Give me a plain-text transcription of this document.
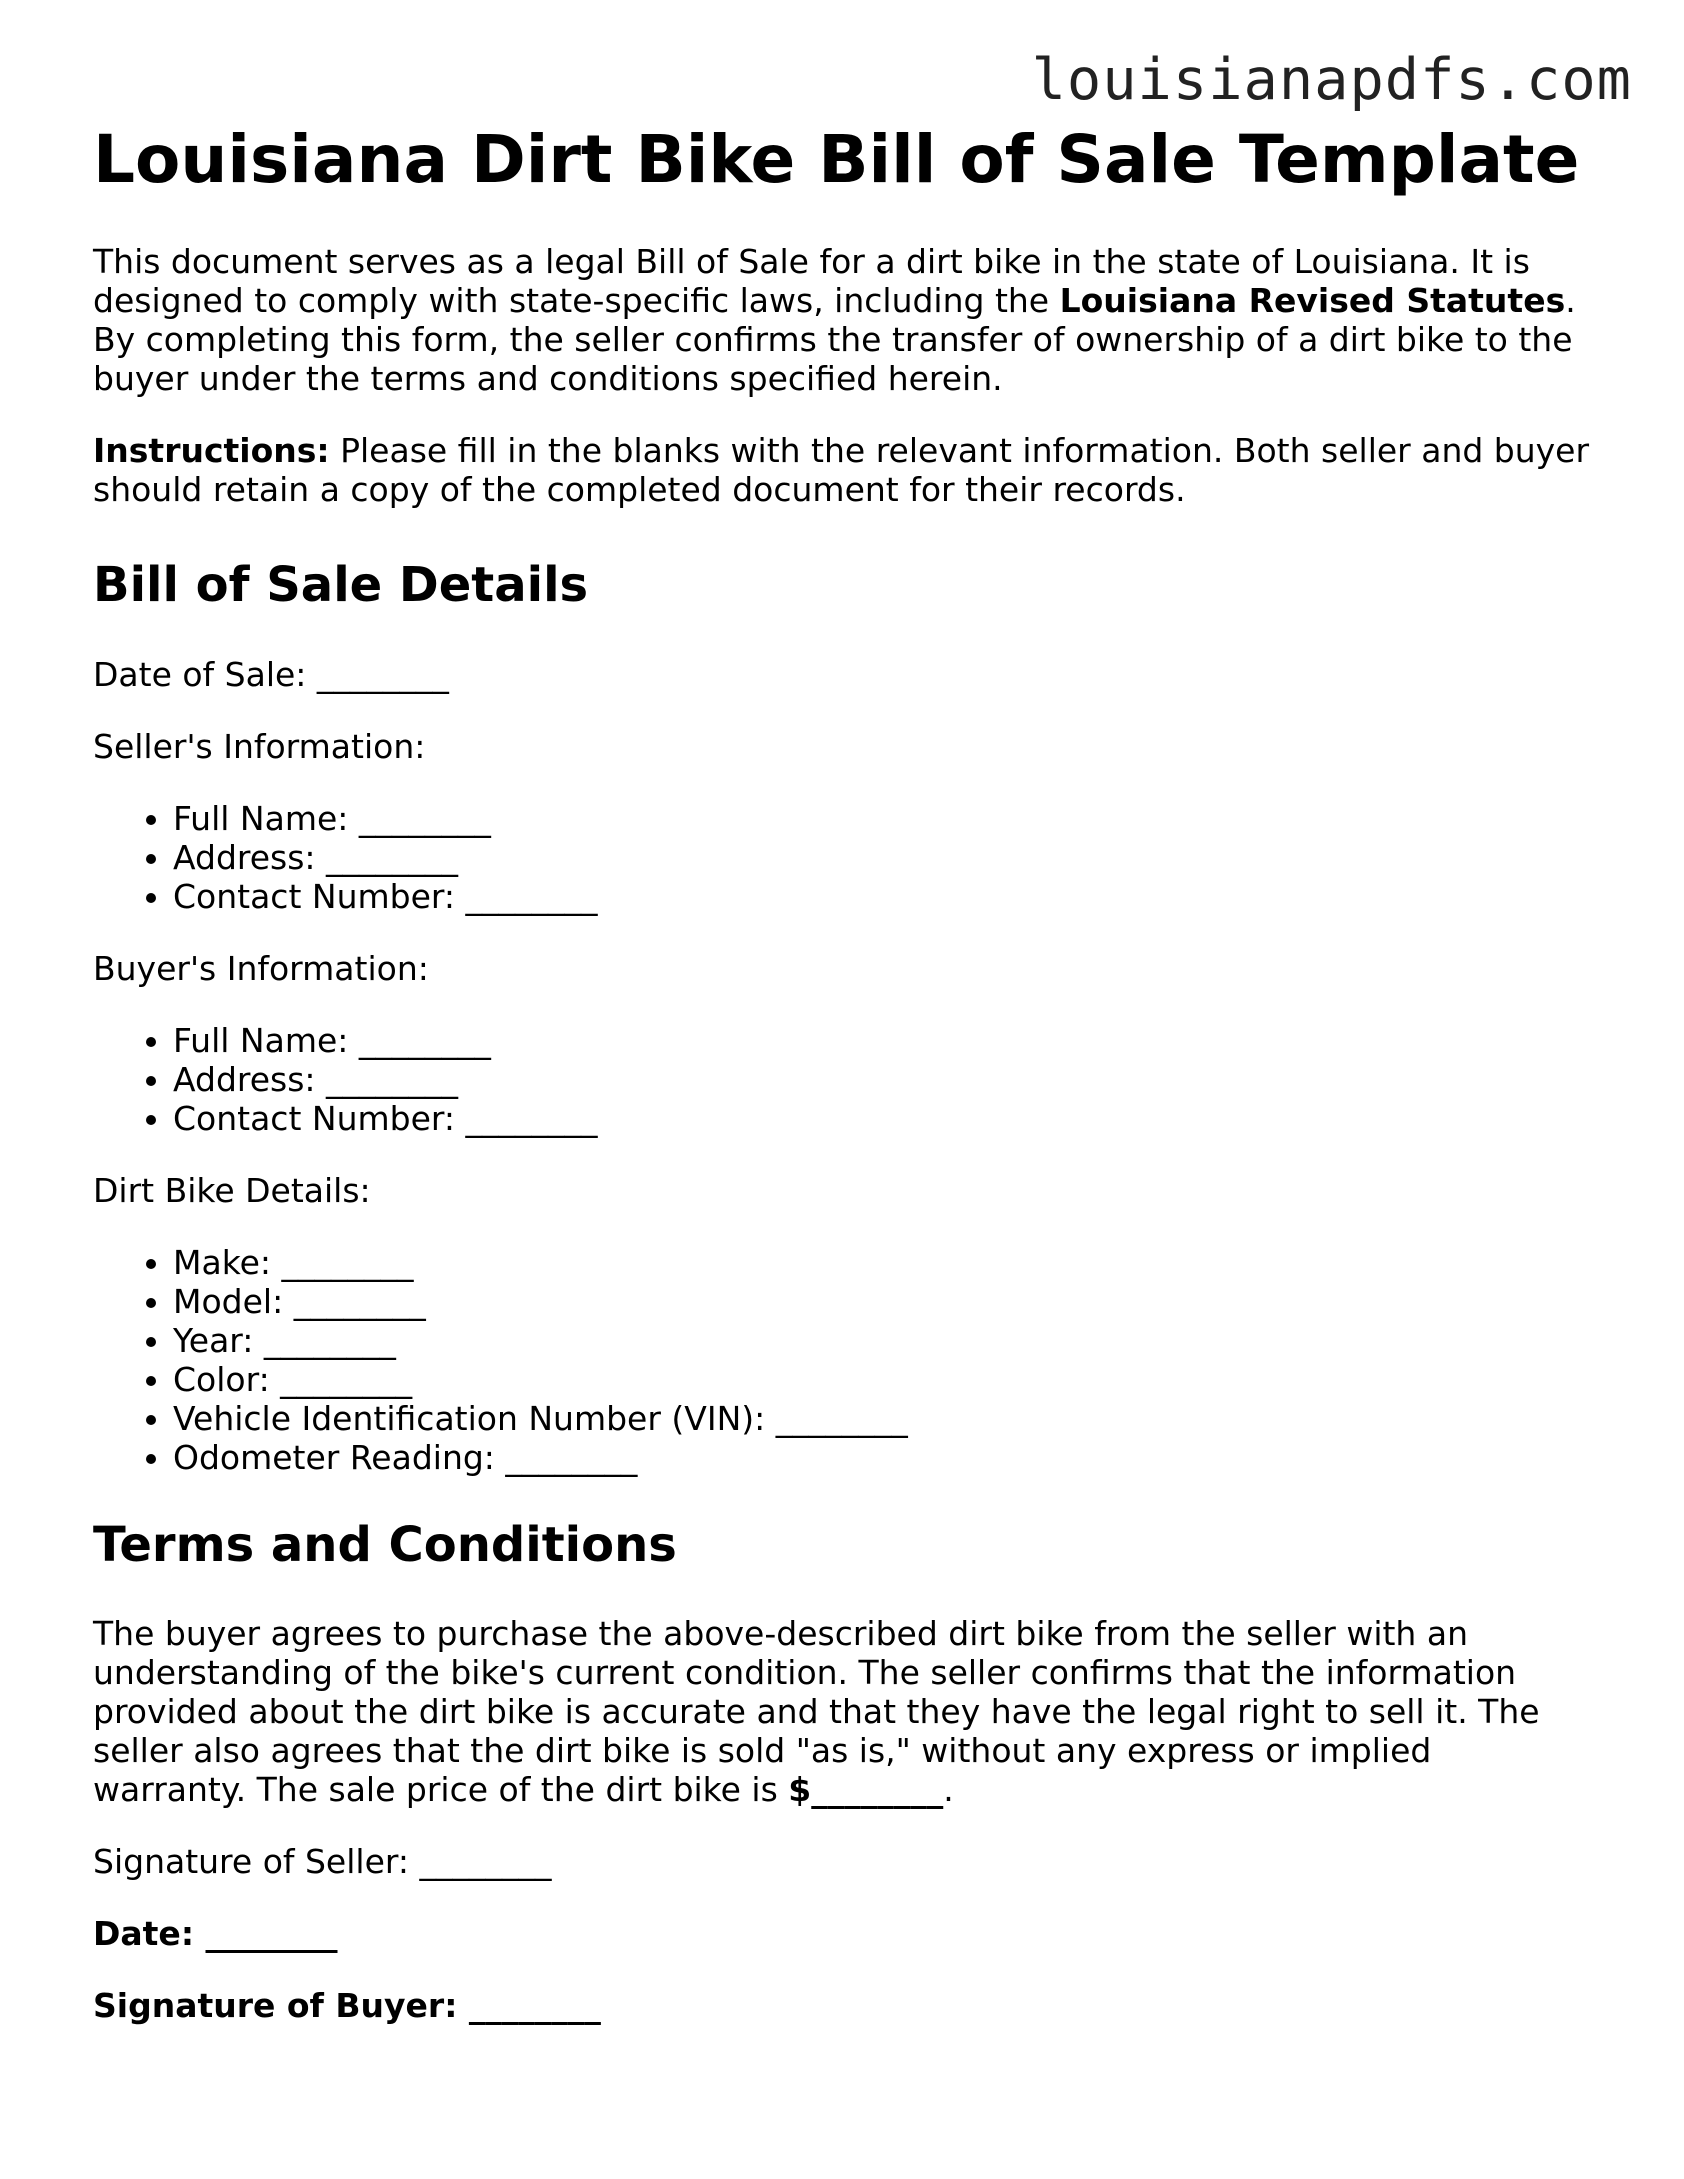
louisianapdfs.com
Louisiana Dirt Bike Bill of Sale Template

This document serves as a legal Bill of Sale for a dirt bike in the state of Louisiana. It is designed to comply with state-specific laws, including the Louisiana Revised Statutes. By completing this form, the seller confirms the transfer of ownership of a dirt bike to the buyer under the terms and conditions specified herein.

Instructions: Please fill in the blanks with the relevant information. Both seller and buyer should retain a copy of the completed document for their records.

Bill of Sale Details

Date of Sale: ________

Seller's Information:

• Full Name: ________
• Address: ________
• Contact Number: ________

Buyer's Information:

• Full Name: ________
• Address: ________
• Contact Number: ________

Dirt Bike Details:

• Make: ________
• Model: ________
• Year: ________
• Color: ________
• Vehicle Identification Number (VIN): ________
• Odometer Reading: ________
Terms and Conditions

The buyer agrees to purchase the above-described dirt bike from the seller with an understanding of the bike's current condition. The seller confirms that the information provided about the dirt bike is accurate and that they have the legal right to sell it. The seller also agrees that the dirt bike is sold "as is," without any express or implied warranty. The sale price of the dirt bike is $________.

Signature of Seller: ________

Date: ________

Signature of Buyer: ________
